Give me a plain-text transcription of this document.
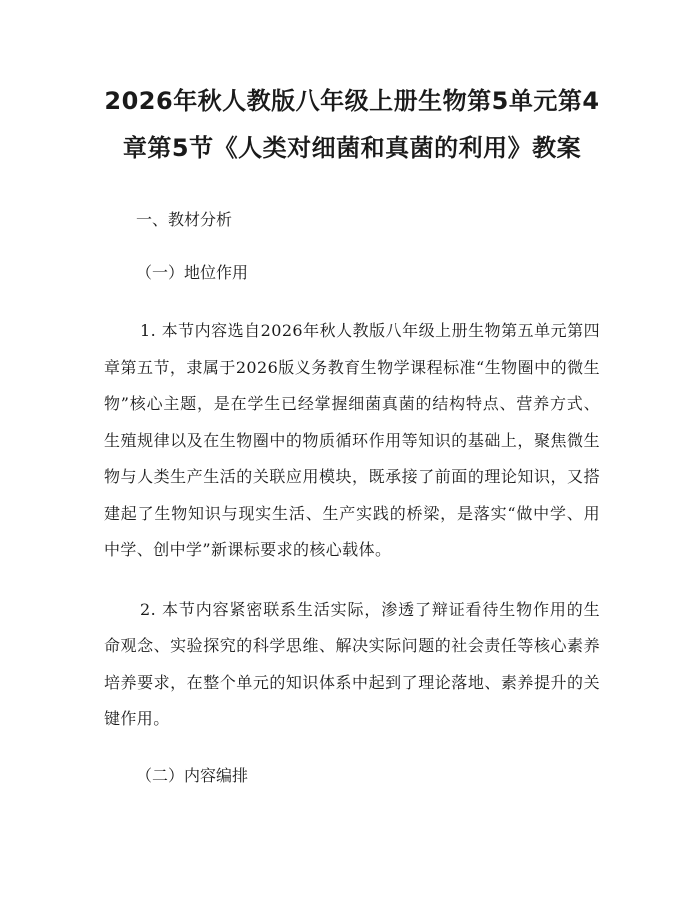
2026年秋人教版八年级上册生物第5单元第4章第5节《人类对细菌和真菌的利用》教案

一、教材分析

（一）地位作用

1. 本节内容选自2026年秋人教版八年级上册生物第五单元第四章第五节，隶属于2026版义务教育生物学课程标准“生物圈中的微生物”核心主题，是在学生已经掌握细菌真菌的结构特点、营养方式、生殖规律以及在生物圈中的物质循环作用等知识的基础上，聚焦微生物与人类生产生活的关联应用模块，既承接了前面的理论知识，又搭建起了生物知识与现实生活、生产实践的桥梁，是落实“做中学、用中学、创中学”新课标要求的核心载体。

2. 本节内容紧密联系生活实际，渗透了辩证看待生物作用的生命观念、实验探究的科学思维、解决实际问题的社会责任等核心素养培养要求，在整个单元的知识体系中起到了理论落地、素养提升的关键作用。

（二）内容编排
